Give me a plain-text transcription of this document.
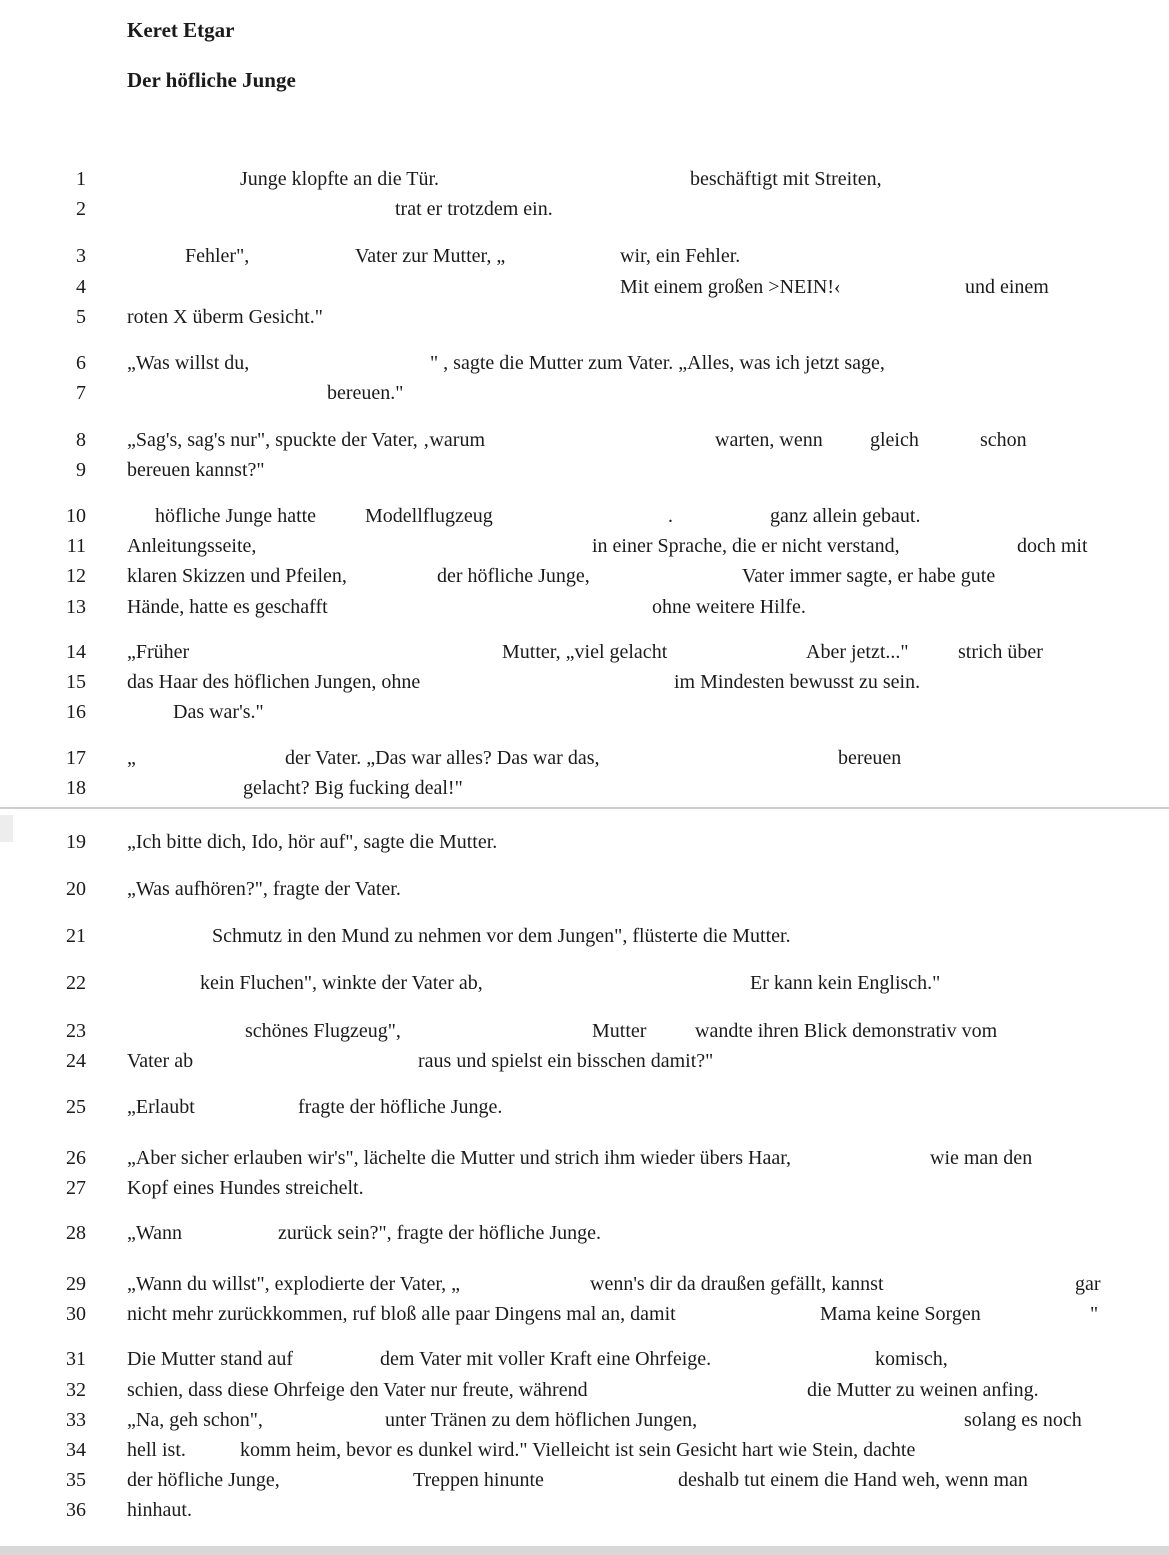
Keret Etgar
Der höfliche Junge
1	Junge klopfte an die Tür.	beschäftigt mit Streiten,
2	trat er trotzdem ein.
3	Fehler",	Vater zur Mutter, „	wir, ein Fehler.
4	Mit einem großen >NEIN!‹	und einem
5 roten X überm Gesicht."
6 „Was willst du,	" , sagte die Mutter zum Vater. „Alles, was ich jetzt sage,
7	bereuen."
8 „Sag's, sag's nur", spuckte der Vater, ‚warum	warten, wenn gleich	schon
9 bereuen kannst?"
10	höfliche Junge hatte Modellflugzeug	.	ganz allein gebaut.
11 Anleitungsseite,	in einer Sprache, die er nicht verstand,	doch mit
12 klaren Skizzen und Pfeilen,	der höfliche Junge,	Vater immer sagte, er habe gute
13 Hände, hatte es geschafft	ohne weitere Hilfe.
14 „Früher	Mutter, „viel gelacht	Aber jetzt..." strich über
15 das Haar des höflichen Jungen, ohne	im Mindesten bewusst zu sein.
16	Das war's."
17 „	der Vater. „Das war alles? Das war das,	bereuen
18	gelacht? Big fucking deal!"
19 „Ich bitte dich, Ido, hör auf", sagte die Mutter.
20 „Was aufhören?", fragte der Vater.
21	Schmutz in den Mund zu nehmen vor dem Jungen", flüsterte die Mutter.
22	kein Fluchen", winkte der Vater ab,	Er kann kein Englisch."
23	schönes Flugzeug",	Mutter wandte ihren Blick demonstrativ vom
24 Vater ab	raus und spielst ein bisschen damit?"
25 „Erlaubt	fragte der höfliche Junge.
26 „Aber sicher erlauben wir's", lächelte die Mutter und strich ihm wieder übers Haar,	wie man den
27 Kopf eines Hundes streichelt.
28 „Wann	zurück sein?", fragte der höfliche Junge.
29 „Wann du willst", explodierte der Vater, „	wenn's dir da draußen gefällt, kannst	gar
30 nicht mehr zurückkommen, ruf bloß alle paar Dingens mal an, damit	Mama keine Sorgen	"
31 Die Mutter stand auf	dem Vater mit voller Kraft eine Ohrfeige.	komisch,
32 schien, dass diese Ohrfeige den Vater nur freute, während	die Mutter zu weinen anfing.
33 „Na, geh schon",	unter Tränen zu dem höflichen Jungen,	solang es noch
34 hell ist.	komm heim, bevor es dunkel wird." Vielleicht ist sein Gesicht hart wie Stein, dachte
35 der höfliche Junge,	Treppen hinunte	deshalb tut einem die Hand weh, wenn man
36 hinhaut.
